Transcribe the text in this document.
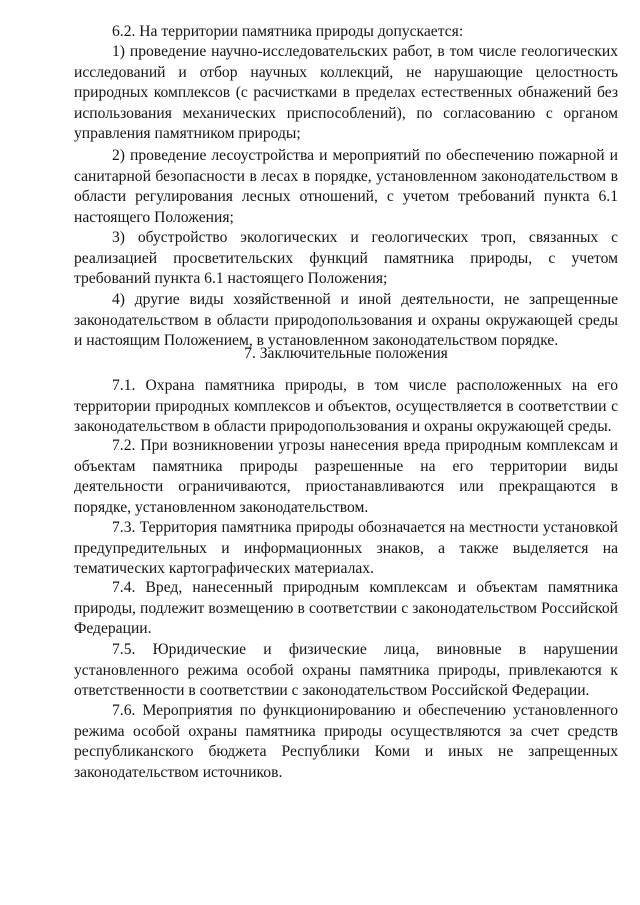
6.2. На территории памятника природы допускается:

1) проведение научно-исследовательских работ, в том числе геологических исследований и отбор научных коллекций, не нарушающие целостность природных комплексов (с расчистками в пределах естественных обнажений без использования механических приспособлений), по согласованию с органом управления памятником природы;

2) проведение лесоустройства и мероприятий по обеспечению пожарной и санитарной безопасности в лесах в порядке, установленном законодательством в области регулирования лесных отношений, с учетом требований пункта 6.1 настоящего Положения;

3) обустройство экологических и геологических троп, связанных с реализацией просветительских функций памятника природы, с учетом требований пункта 6.1 настоящего Положения;

4) другие виды хозяйственной и иной деятельности, не запрещенные законодательством в области природопользования и охраны окружающей среды и настоящим Положением, в установленном законодательством порядке.

7. Заключительные положения

7.1. Охрана памятника природы, в том числе расположенных на его территории природных комплексов и объектов, осуществляется в соответствии с законодательством в области природопользования и охраны окружающей среды.

7.2. При возникновении угрозы нанесения вреда природным комплексам и объектам памятника природы разрешенные на его территории виды деятельности ограничиваются, приостанавливаются или прекращаются в порядке, установленном законодательством.

7.3. Территория памятника природы обозначается на местности установкой предупредительных и информационных знаков, а также выделяется на тематических картографических материалах.

7.4. Вред, нанесенный природным комплексам и объектам памятника природы, подлежит возмещению в соответствии с законодательством Российской Федерации.

7.5. Юридические и физические лица, виновные в нарушении установленного режима особой охраны памятника природы, привлекаются к ответственности в соответствии с законодательством Российской Федерации.

7.6. Мероприятия по функционированию и обеспечению установленного режима особой охраны памятника природы осуществляются за счет средств республиканского бюджета Республики Коми и иных не запрещенных законодательством источников.
